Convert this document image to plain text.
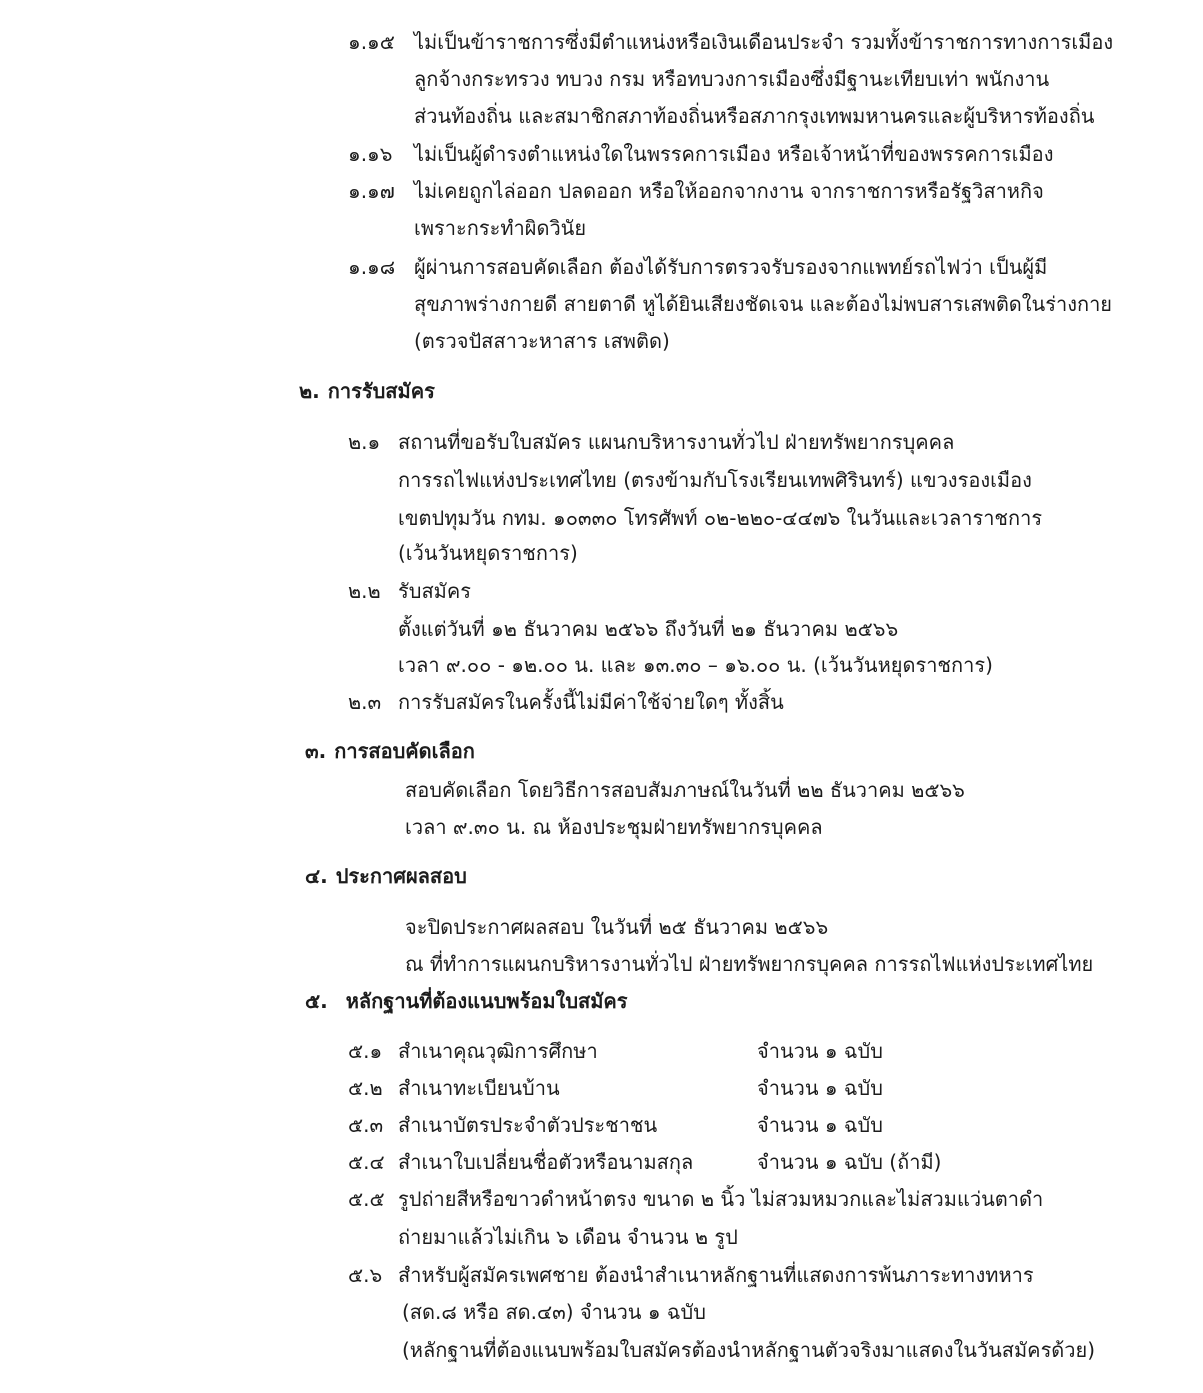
๑.๑๕ ไม่เป็นข้าราชการซึ่งมีตำแหน่งหรือเงินเดือนประจำ รวมทั้งข้าราชการทางการเมือง
ลูกจ้างกระทรวง ทบวง กรม หรือทบวงการเมืองซึ่งมีฐานะเทียบเท่า พนักงาน
ส่วนท้องถิ่น และสมาชิกสภาท้องถิ่นหรือสภากรุงเทพมหานครและผู้บริหารท้องถิ่น
๑.๑๖ ไม่เป็นผู้ดำรงตำแหน่งใดในพรรคการเมือง หรือเจ้าหน้าที่ของพรรคการเมือง
๑.๑๗ ไม่เคยถูกไล่ออก ปลดออก หรือให้ออกจากงาน จากราชการหรือรัฐวิสาหกิจ
เพราะกระทำผิดวินัย
๑.๑๘ ผู้ผ่านการสอบคัดเลือก ต้องได้รับการตรวจรับรองจากแพทย์รถไฟว่า เป็นผู้มี
สุขภาพร่างกายดี สายตาดี หูได้ยินเสียงชัดเจน และต้องไม่พบสารเสพติดในร่างกาย
(ตรวจปัสสาวะหาสาร เสพติด)
๒. การรับสมัคร
๒.๑ สถานที่ขอรับใบสมัคร แผนกบริหารงานทั่วไป ฝ่ายทรัพยากรบุคคล
การรถไฟแห่งประเทศไทย (ตรงข้ามกับโรงเรียนเทพศิรินทร์) แขวงรองเมือง
เขตปทุมวัน กทม. ๑๐๓๓๐ โทรศัพท์ ๐๒-๒๒๐-๔๔๗๖ ในวันและเวลาราชการ
(เว้นวันหยุดราชการ)
๒.๒ รับสมัคร
ตั้งแต่วันที่ ๑๒ ธันวาคม ๒๕๖๖ ถึงวันที่ ๒๑ ธันวาคม ๒๕๖๖
เวลา ๙.๐๐ - ๑๒.๐๐ น. และ ๑๓.๓๐ – ๑๖.๐๐ น. (เว้นวันหยุดราชการ)
๒.๓ การรับสมัครในครั้งนี้ไม่มีค่าใช้จ่ายใดๆ ทั้งสิ้น
๓. การสอบคัดเลือก
สอบคัดเลือก โดยวิธีการสอบสัมภาษณ์ในวันที่ ๒๒ ธันวาคม ๒๕๖๖
เวลา ๙.๓๐ น. ณ ห้องประชุมฝ่ายทรัพยากรบุคคล
๔. ประกาศผลสอบ
จะปิดประกาศผลสอบ ในวันที่ ๒๕ ธันวาคม ๒๕๖๖
ณ ที่ทำการแผนกบริหารงานทั่วไป ฝ่ายทรัพยากรบุคคล การรถไฟแห่งประเทศไทย
๕. หลักฐานที่ต้องแนบพร้อมใบสมัคร
๕.๑ สำเนาคุณวุฒิการศึกษา	จำนวน ๑ ฉบับ
๕.๒ สำเนาทะเบียนบ้าน	จำนวน ๑ ฉบับ
๕.๓ สำเนาบัตรประจำตัวประชาชน	จำนวน ๑ ฉบับ
๕.๔ สำเนาใบเปลี่ยนชื่อตัวหรือนามสกุล	จำนวน ๑ ฉบับ (ถ้ามี)
๕.๕ รูปถ่ายสีหรือขาวดำหน้าตรง ขนาด ๒ นิ้ว ไม่สวมหมวกและไม่สวมแว่นตาดำ
ถ่ายมาแล้วไม่เกิน ๖ เดือน จำนวน ๒ รูป
๕.๖ สำหรับผู้สมัครเพศชาย ต้องนำสำเนาหลักฐานที่แสดงการพ้นภาระทางทหาร
(สด.๘ หรือ สด.๔๓) จำนวน ๑ ฉบับ
(หลักฐานที่ต้องแนบพร้อมใบสมัครต้องนำหลักฐานตัวจริงมาแสดงในวันสมัครด้วย)
